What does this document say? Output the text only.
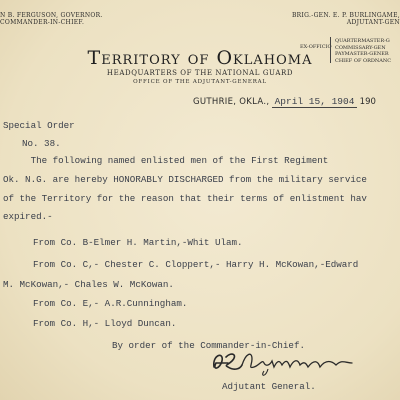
N B. FERGUSON, GOVERNOR.
COMMANDER-IN-CHIEF.
BRIG.-GEN. E. P. BURLINGAME,
ADJUTANT-GEN
EX-OFFICIO
QUARTERMASTER-G
COMMISSARY-GEN
PAYMASTER-GENER
CHIEF OF ORDNANC
Territory of Oklahoma
HEADQUARTERS OF THE NATIONAL GUARD
OFFICE OF THE ADJUTANT-GENERAL
GUTHRIE, OKLA., April 15, 1904 190
Special Order
No. 38.
The following named enlisted men of the First Regiment
Ok. N.G. are hereby HONORABLY DISCHARGED from the military service
of the Territory for the reason that their terms of enlistment hav
expired.-
From Co. B-Elmer H. Martin,-Whit Ulam.
From Co. C,- Chester C. Cloppert,- Harry H. McKowan,-Edward
M. McKowan,- Chales W. McKowan.
From Co. E,- A.R.Cunningham.
From Co. H,- Lloyd Duncan.
By order of the Commander-in-Chief.
Adjutant General.
